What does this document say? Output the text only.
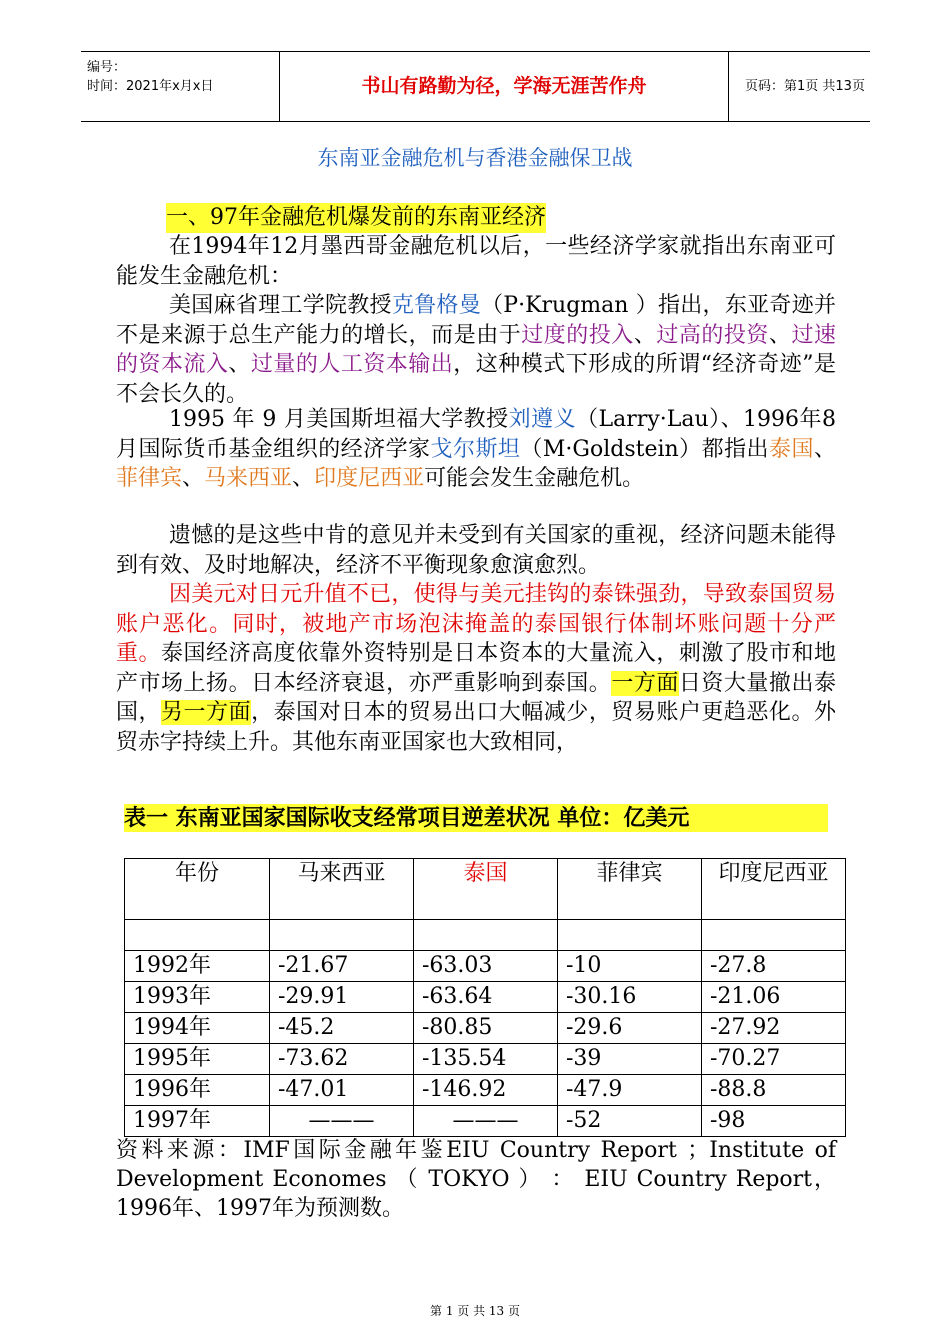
编号：
时间：2021年x月x日	书山有路勤为径，学海无涯苦作舟	页码：第1页 共13页
东南亚金融危机与香港金融保卫战
一、97年金融危机爆发前的东南亚经济
在1994年12月墨西哥金融危机以后，一些经济学家就指出东南亚可能发生金融危机：
美国麻省理工学院教授克鲁格曼（P·Krugman ）指出，东亚奇迹并不是来源于总生产能力的增长，而是由于过度的投入、过高的投资、过速的资本流入、过量的人工资本输出，这种模式下形成的所谓“经济奇迹”是不会长久的。
1995 年 9 月美国斯坦福大学教授刘遵义（Larry·Lau）、1996年8月国际货币基金组织的经济学家戈尔斯坦（M·Goldstein）都指出泰国、菲律宾、马来西亚、印度尼西亚可能会发生金融危机。
遗憾的是这些中肯的意见并未受到有关国家的重视，经济问题未能得到有效、及时地解决，经济不平衡现象愈演愈烈。
因美元对日元升值不已，使得与美元挂钩的泰铢强劲，导致泰国贸易账户恶化。同时，被地产市场泡沫掩盖的泰国银行体制坏账问题十分严重。泰国经济高度依靠外资特别是日本资本的大量流入，刺激了股市和地产市场上扬。日本经济衰退，亦严重影响到泰国。一方面日资大量撤出泰国，另一方面，泰国对日本的贸易出口大幅减少，贸易账户更趋恶化。外贸赤字持续上升。其他东南亚国家也大致相同，
表一 东南亚国家国际收支经常项目逆差状况 单位：亿美元
年份	马来西亚	泰国	菲律宾	印度尼西亚

1992年	-21.67	-63.03	-10	-27.8
1993年	-29.91	-63.64	-30.16	-21.06
1994年	-45.2	-80.85	-29.6	-27.92
1995年	-73.62	-135.54	-39	-70.27
1996年	-47.01	-146.92	-47.9	-88.8
1997年	———	———	-52	-98
资料来源：IMF国际金融年鉴EIU Country Report ；Institute of Development Economes （ TOKYO ） ： EIU Country Report，1996年、1997年为预测数。
第 1 页 共 13 页
